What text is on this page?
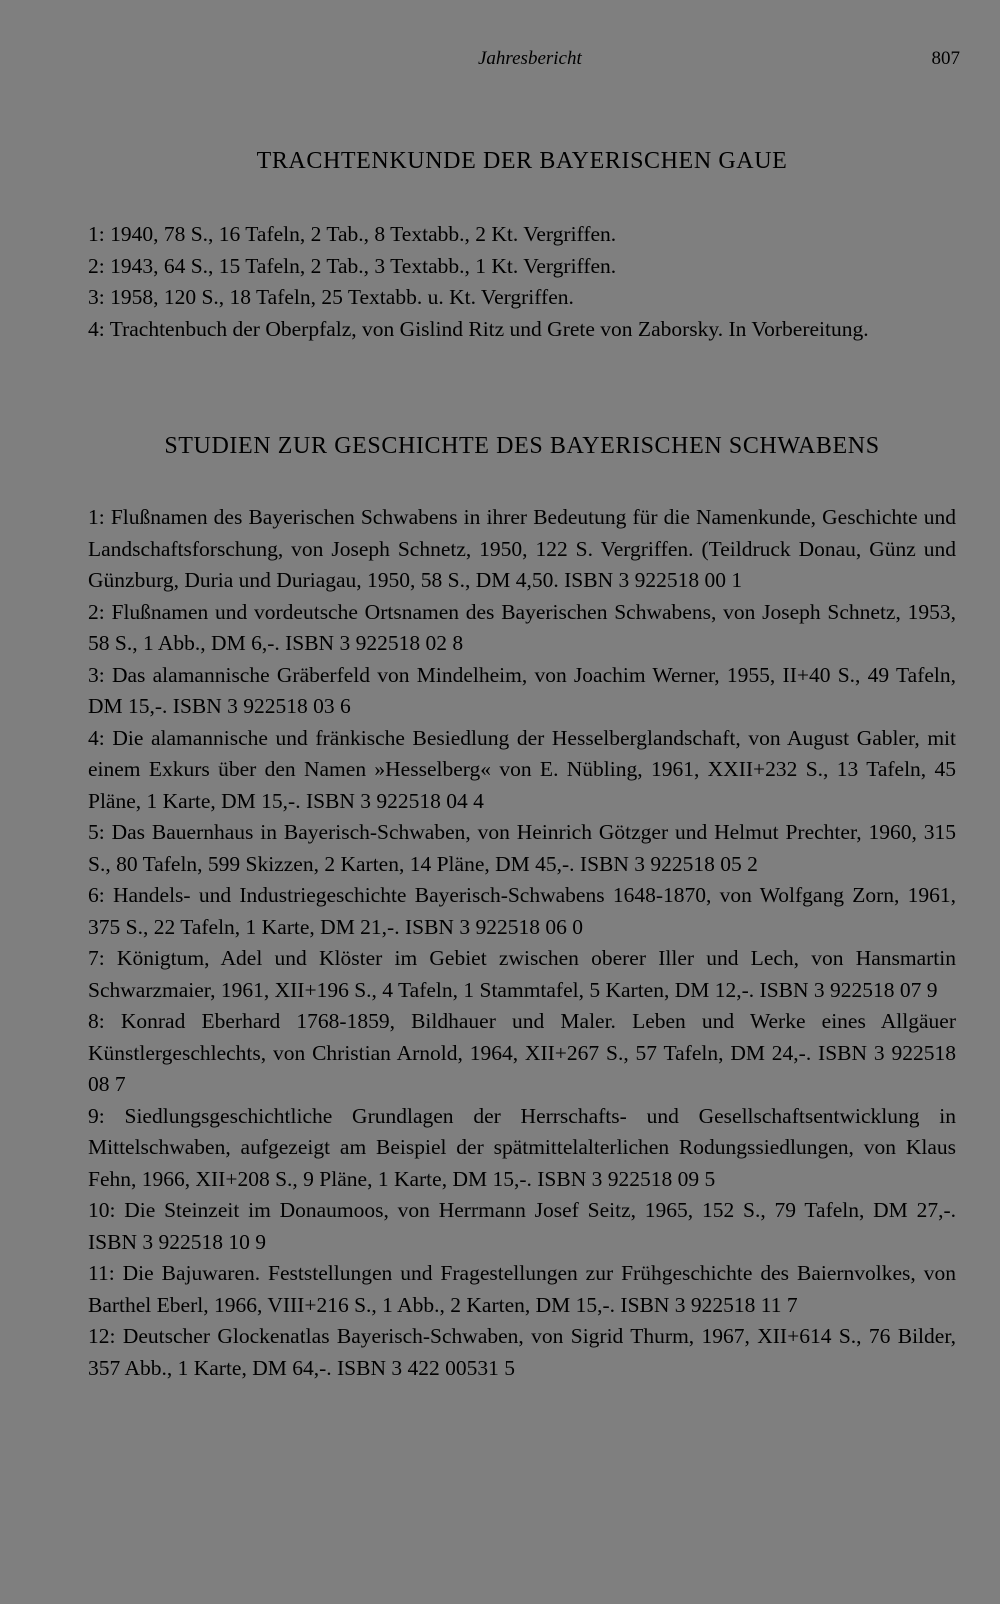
Jahresbericht	807
TRACHTENKUNDE DER BAYERISCHEN GAUE
1: 1940, 78 S., 16 Tafeln, 2 Tab., 8 Textabb., 2 Kt. Vergriffen.
2: 1943, 64 S., 15 Tafeln, 2 Tab., 3 Textabb., 1 Kt. Vergriffen.
3: 1958, 120 S., 18 Tafeln, 25 Textabb. u. Kt. Vergriffen.
4: Trachtenbuch der Oberpfalz, von Gislind Ritz und Grete von Zaborsky. In Vorbereitung.
STUDIEN ZUR GESCHICHTE DES BAYERISCHEN SCHWABENS
1: Flußnamen des Bayerischen Schwabens in ihrer Bedeutung für die Namenkunde, Geschichte und Landschaftsforschung, von Joseph Schnetz, 1950, 122 S. Vergriffen. (Teildruck Donau, Günz und Günzburg, Duria und Duriagau, 1950, 58 S., DM 4,50. ISBN 3 922518 00 1
2: Flußnamen und vordeutsche Ortsnamen des Bayerischen Schwabens, von Joseph Schnetz, 1953, 58 S., 1 Abb., DM 6,-. ISBN 3 922518 02 8
3: Das alamannische Gräberfeld von Mindelheim, von Joachim Werner, 1955, II+40 S., 49 Tafeln, DM 15,-. ISBN 3 922518 03 6
4: Die alamannische und fränkische Besiedlung der Hesselberglandschaft, von August Gabler, mit einem Exkurs über den Namen »Hesselberg« von E. Nübling, 1961, XXII+232 S., 13 Tafeln, 45 Pläne, 1 Karte, DM 15,-. ISBN 3 922518 04 4
5: Das Bauernhaus in Bayerisch-Schwaben, von Heinrich Götzger und Helmut Prechter, 1960, 315 S., 80 Tafeln, 599 Skizzen, 2 Karten, 14 Pläne, DM 45,-. ISBN 3 922518 05 2
6: Handels- und Industriegeschichte Bayerisch-Schwabens 1648-1870, von Wolfgang Zorn, 1961, 375 S., 22 Tafeln, 1 Karte, DM 21,-. ISBN 3 922518 06 0
7: Königtum, Adel und Klöster im Gebiet zwischen oberer Iller und Lech, von Hansmartin Schwarzmaier, 1961, XII+196 S., 4 Tafeln, 1 Stammtafel, 5 Karten, DM 12,-. ISBN 3 922518 07 9
8: Konrad Eberhard 1768-1859, Bildhauer und Maler. Leben und Werke eines Allgäuer Künstlergeschlechts, von Christian Arnold, 1964, XII+267 S., 57 Tafeln, DM 24,-. ISBN 3 922518 08 7
9: Siedlungsgeschichtliche Grundlagen der Herrschafts- und Gesellschaftsentwicklung in Mittelschwaben, aufgezeigt am Beispiel der spätmittelalterlichen Rodungssiedlungen, von Klaus Fehn, 1966, XII+208 S., 9 Pläne, 1 Karte, DM 15,-. ISBN 3 922518 09 5
10: Die Steinzeit im Donaumoos, von Herrmann Josef Seitz, 1965, 152 S., 79 Tafeln, DM 27,-. ISBN 3 922518 10 9
11: Die Bajuwaren. Feststellungen und Fragestellungen zur Frühgeschichte des Baiernvolkes, von Barthel Eberl, 1966, VIII+216 S., 1 Abb., 2 Karten, DM 15,-. ISBN 3 922518 11 7
12: Deutscher Glockenatlas Bayerisch-Schwaben, von Sigrid Thurm, 1967, XII+614 S., 76 Bilder, 357 Abb., 1 Karte, DM 64,-. ISBN 3 422 00531 5
